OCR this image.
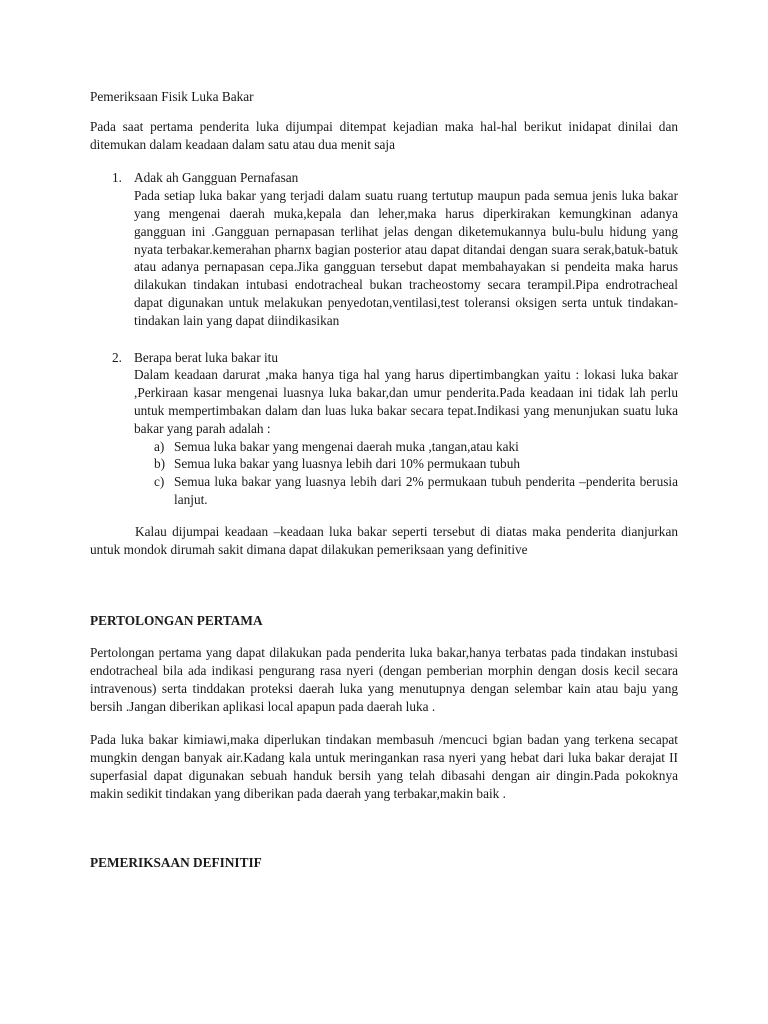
Pemeriksaan Fisik Luka Bakar

Pada saat pertama penderita luka dijumpai ditempat kejadian maka hal-hal berikut inidapat dinilai dan ditemukan dalam keadaan dalam satu atau dua menit saja

1. Adak ah Gangguan Pernafasan

Pada setiap luka bakar yang terjadi dalam suatu ruang tertutup maupun pada semua jenis luka bakar yang mengenai daerah muka,kepala dan leher,maka harus diperkirakan kemungkinan adanya gangguan ini .Gangguan pernapasan terlihat jelas dengan diketemukannya bulu-bulu hidung yang nyata terbakar.kemerahan pharnx bagian posterior atau dapat ditandai dengan suara serak,batuk-batuk atau adanya pernapasan cepa.Jika gangguan tersebut dapat membahayakan si pendeita maka harus dilakukan tindakan intubasi endotracheal bukan tracheostomy secara terampil.Pipa endrotracheal dapat digunakan untuk melakukan penyedotan,ventilasi,test toleransi oksigen serta untuk tindakan-tindakan lain yang dapat diindikasikan

2. Berapa berat luka bakar itu

Dalam keadaan darurat ,maka hanya tiga hal yang harus dipertimbangkan yaitu : lokasi luka bakar ,Perkiraan kasar mengenai luasnya luka bakar,dan umur penderita.Pada keadaan ini tidak lah perlu untuk mempertimbakan dalam dan luas luka bakar secara tepat.Indikasi yang menunjukan suatu luka bakar yang parah adalah :

a) Semua luka bakar yang mengenai daerah muka ,tangan,atau kaki
b) Semua luka bakar yang luasnya lebih dari 10% permukaan tubuh
c) Semua luka bakar yang luasnya lebih dari 2% permukaan tubuh penderita –penderita berusia lanjut.

Kalau dijumpai keadaan –keadaan luka bakar seperti tersebut di diatas maka penderita dianjurkan untuk mondok dirumah sakit dimana dapat dilakukan pemeriksaan yang definitive

PERTOLONGAN PERTAMA

Pertolongan pertama yang dapat dilakukan pada penderita luka bakar,hanya terbatas pada tindakan instubasi endotracheal bila ada indikasi pengurang rasa nyeri (dengan pemberian morphin dengan dosis kecil secara intravenous) serta tinddakan proteksi daerah luka yang menutupnya dengan selembar kain atau baju yang bersih .Jangan diberikan aplikasi local apapun pada daerah luka .

Pada luka bakar kimiawi,maka diperlukan tindakan membasuh /mencuci bgian badan yang terkena secapat mungkin dengan banyak air.Kadang kala untuk meringankan rasa nyeri yang hebat dari luka bakar derajat II superfasial dapat digunakan sebuah handuk bersih yang telah dibasahi dengan air dingin.Pada pokoknya makin sedikit tindakan yang diberikan pada daerah yang terbakar,makin baik .

PEMERIKSAAN DEFINITIF
